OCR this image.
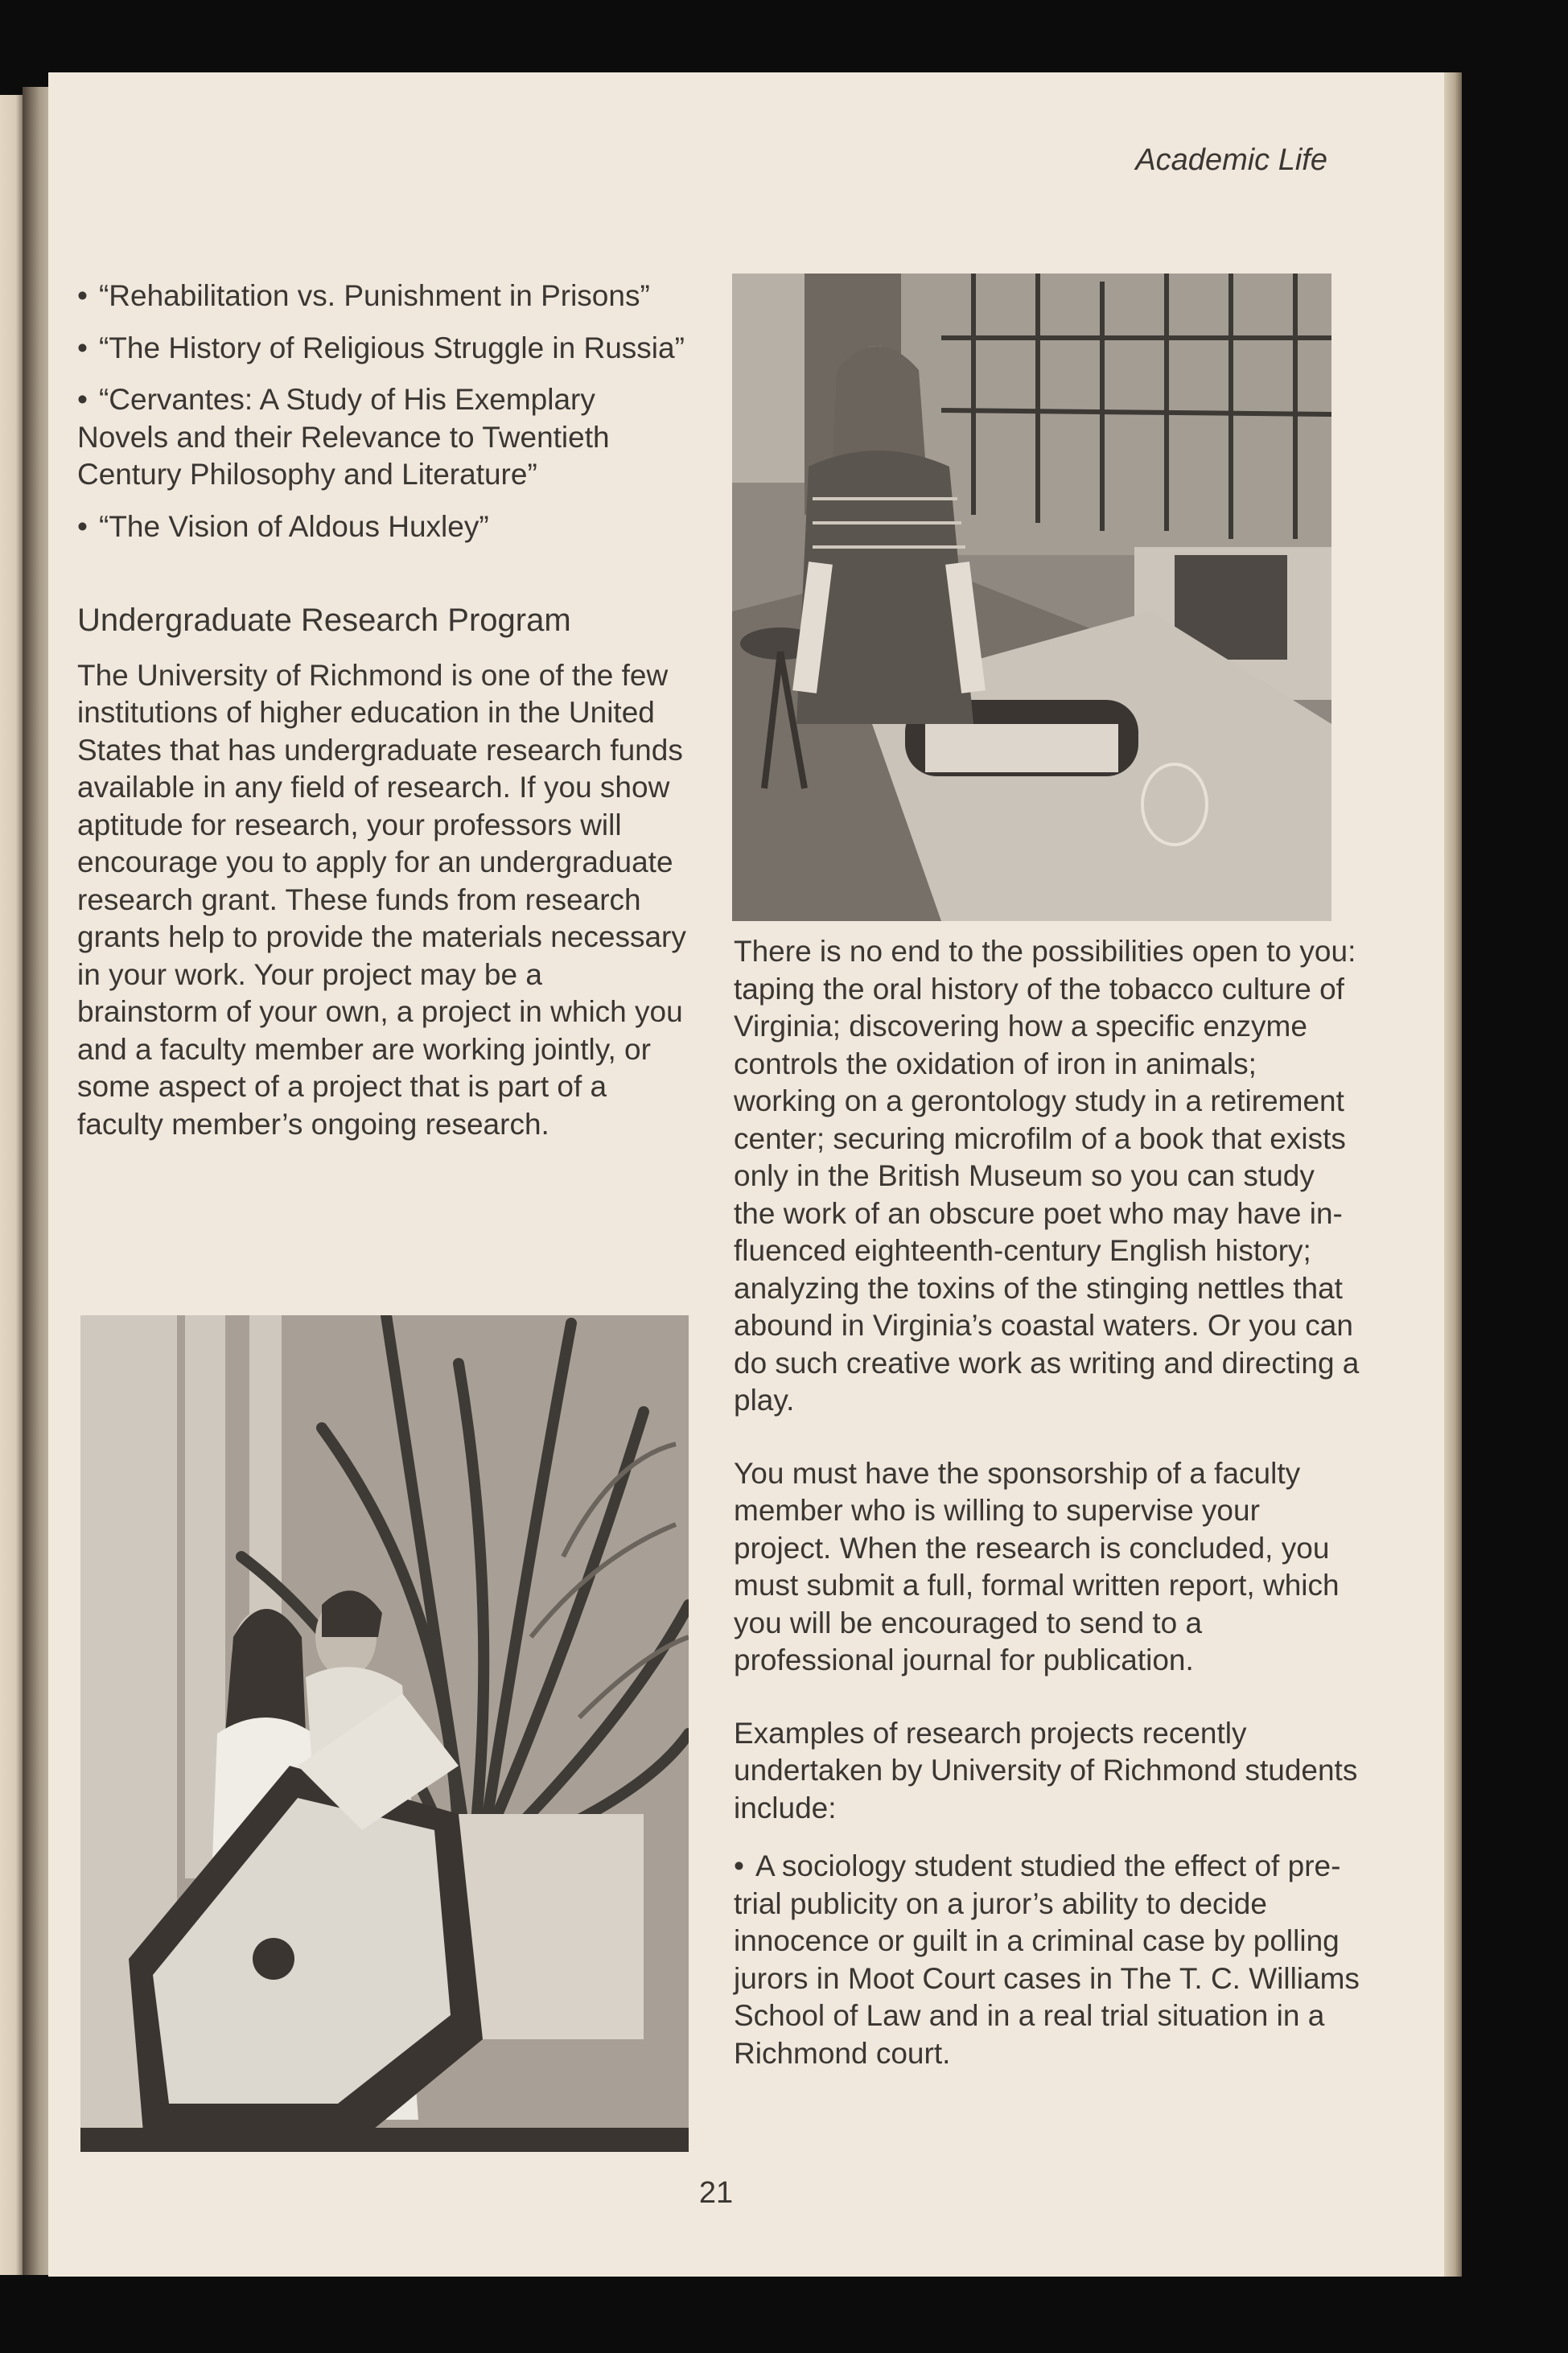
Academic Life
• “Rehabilitation vs. Punishment in Prisons”
• “The History of Religious Struggle in Russia”
• “Cervantes: A Study of His Exemplary Novels and their Relevance to Twentieth Century Philosophy and Literature”
• “The Vision of Aldous Huxley”
Undergraduate Research Program

The University of Richmond is one of the few institutions of higher education in the United States that has undergraduate research funds available in any field of research. If you show aptitude for research, your professors will encourage you to apply for an undergraduate research grant. These funds from research grants help to provide the materials necessary in your work. Your project may be a brainstorm of your own, a project in which you and a faculty member are working jointly, or some aspect of a project that is part of a faculty member’s ongoing research.

There is no end to the possibilities open to you: taping the oral history of the tobacco culture of Virginia; discovering how a specific enzyme controls the oxidation of iron in animals; working on a gerontology study in a retirement center; securing microfilm of a book that exists only in the British Museum so you can study the work of an obscure poet who may have in-fluenced eighteenth-century English history; analyzing the toxins of the stinging nettles that abound in Virginia’s coastal waters. Or you can do such creative work as writing and directing a play.

You must have the sponsorship of a faculty member who is willing to supervise your project. When the research is concluded, you must submit a full, formal written report, which you will be encouraged to send to a professional journal for publication.

Examples of research projects recently undertaken by University of Richmond students include:

• A sociology student studied the effect of pre-trial publicity on a juror’s ability to decide innocence or guilt in a criminal case by polling jurors in Moot Court cases in The T. C. Williams School of Law and in a real trial situation in a Richmond court.
21
